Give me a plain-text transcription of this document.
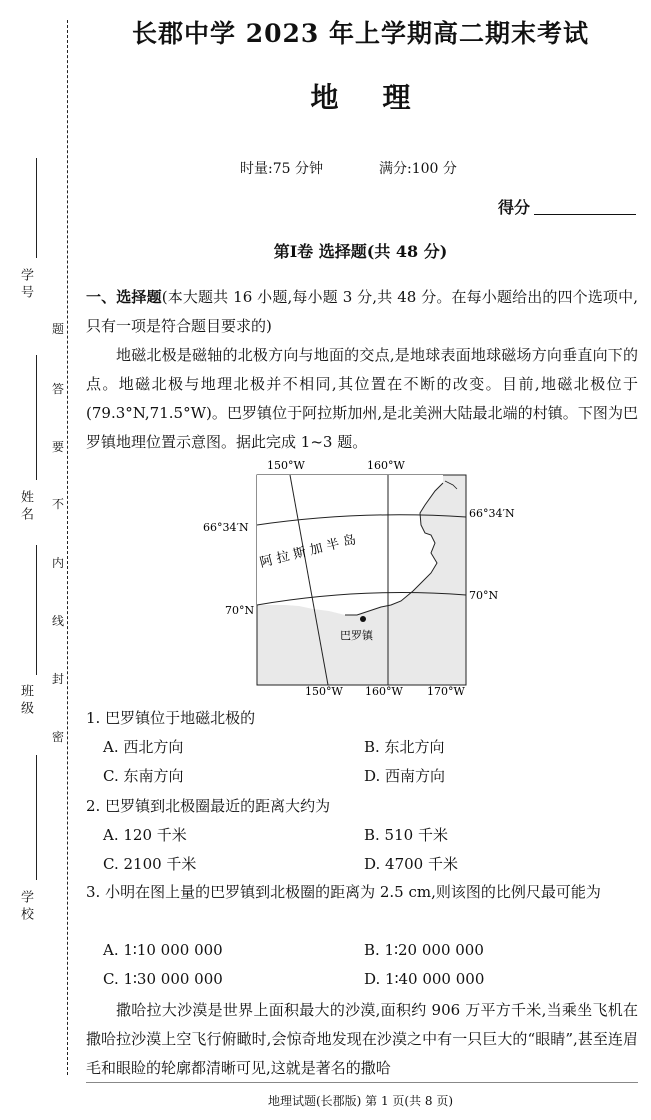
学 号
姓 名
班 级
学 校
题
答
要
不
内
线
封
密
长郡中学 2023 年上学期高二期末考试
地 理
时量:75 分钟	满分:100 分
得分
第Ⅰ卷 选择题(共 48 分)
一、选择题(本大题共 16 小题,每小题 3 分,共 48 分。在每小题给出的四个选项中,只有一项是符合题目要求的)
地磁北极是磁轴的北极方向与地面的交点,是地球表面地球磁场方向垂直向下的点。地磁北极与地理北极并不相同,其位置在不断的改变。目前,地磁北极位于(79.3°N,71.5°W)。巴罗镇位于阿拉斯加州,是北美洲大陆最北端的村镇。下图为巴罗镇地理位置示意图。据此完成 1~3 题。
150°W	160°W
66°34′N
66°34′N
70°N
70°N
150°W 160°W 170°W
阿 拉 斯 加 半 岛
巴罗镇
1. 巴罗镇位于地磁北极的
A. 西北方向	B. 东北方向
C. 东南方向	D. 西南方向
2. 巴罗镇到北极圈最近的距离大约为
A. 120 千米	B. 510 千米
C. 2100 千米	D. 4700 千米
3. 小明在图上量的巴罗镇到北极圈的距离为 2.5 cm,则该图的比例尺最可能为
A. 1∶10 000 000	B. 1∶20 000 000
C. 1∶30 000 000	D. 1∶40 000 000
撒哈拉大沙漠是世界上面积最大的沙漠,面积约 906 万平方千米,当乘坐飞机在撒哈拉沙漠上空飞行俯瞰时,会惊奇地发现在沙漠之中有一只巨大的“眼睛”,甚至连眉毛和眼睑的轮廓都清晰可见,这就是著名的撒哈
地理试题(长郡版) 第 1 页(共 8 页)
